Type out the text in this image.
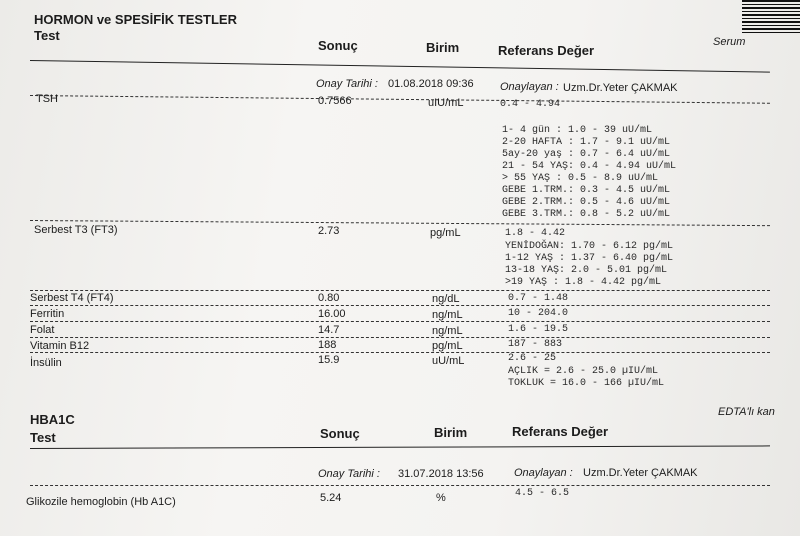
HORMON ve SPESİFİK TESTLER
Test
Sonuç	Birim	Referans Değer
Serum
Onay Tarihi : 01.08.2018 09:36 Onaylayan : Uzm.Dr.Yeter ÇAKMAK
TSH	0.7566	uIU/mL	0.4 - 4.94
1- 4 gün : 1.0 - 39 uU/mL
2-20 HAFTA : 1.7 - 9.1 uU/mL
5ay-20 yaş : 0.7 - 6.4 uU/mL
21 - 54 YAŞ: 0.4 - 4.94 uU/mL
> 55 YAŞ : 0.5 - 8.9 uU/mL
GEBE 1.TRM.: 0.3 - 4.5 uU/mL
GEBE 2.TRM.: 0.5 - 4.6 uU/mL
GEBE 3.TRM.: 0.8 - 5.2 uU/mL
Serbest T3 (FT3)	2.73	pg/mL	1.8 - 4.42
YENİDOĞAN: 1.70 - 6.12 pg/mL
1-12 YAŞ : 1.37 - 6.40 pg/mL
13-18 YAŞ: 2.0 - 5.01 pg/mL
>19 YAŞ : 1.8 - 4.42 pg/mL
Serbest T4 (FT4)	0.80	ng/dL	0.7 - 1.48
Ferritin	16.00	ng/mL	10 - 204.0
Folat	14.7	ng/mL	1.6 - 19.5
Vitamin B12	188	pg/mL	187 - 883
İnsülin	15.9	uU/mL	2.6 - 25
AÇLIK = 2.6 - 25.0 µIU/mL
TOKLUK = 16.0 - 166 µIU/mL
EDTA'lı kan
HBA1C
Test	Sonuç	Birim	Referans Değer
Onay Tarihi : 31.07.2018 13:56	Onaylayan : Uzm.Dr.Yeter ÇAKMAK
Glikozile hemoglobin (Hb A1C)	5.24	%	4.5 - 6.5
